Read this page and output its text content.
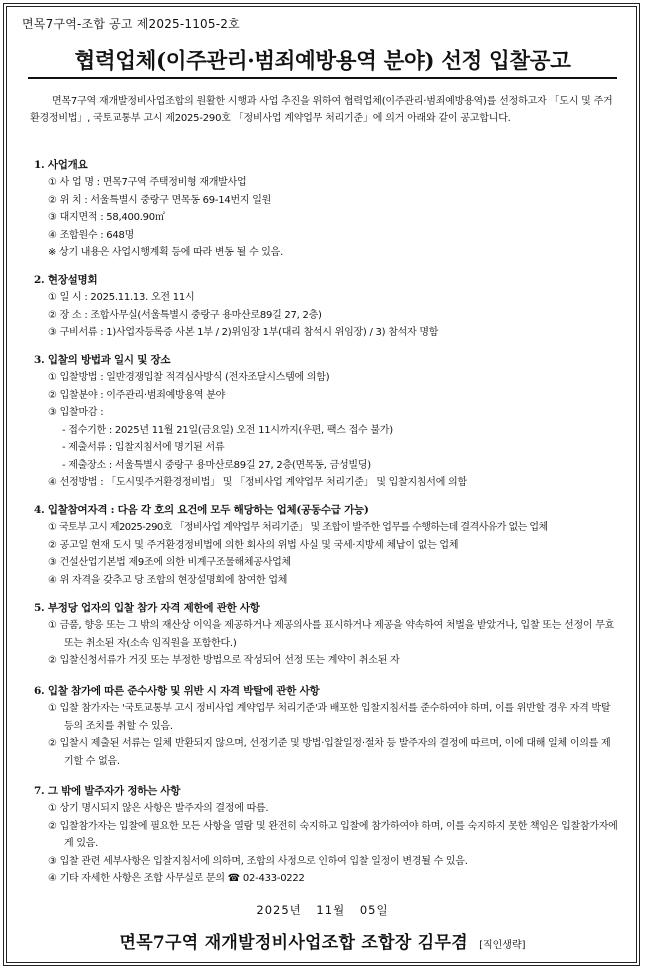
면목7구역-조합 공고 제2025-1105-2호
협력업체(이주관리·범죄예방용역 분야) 선정 입찰공고
면목7구역 재개발정비사업조합의 원활한 시행과 사업 추진을 위하여 협력업체(이주관리·범죄예방용역)를 선정하고자 「도시 및 주거환경정비법」, 국토교통부 고시 제2025-290호 「정비사업 계약업무 처리기준」에 의거 아래와 같이 공고합니다.
1. 사업개요
① 사 업 명 : 면목7구역 주택정비형 재개발사업
② 위 치 : 서울특별시 중랑구 면목동 69-14번지 일원
③ 대지면적 : 58,400.90㎡
④ 조합원수 : 648명
※ 상기 내용은 사업시행계획 등에 따라 변동 될 수 있음.
2. 현장설명회
① 일 시 : 2025.11.13. 오전 11시
② 장 소 : 조합사무실(서울특별시 중랑구 용마산로89길 27, 2층)
③ 구비서류 : 1)사업자등록증 사본 1부 / 2)위임장 1부(대리 참석시 위임장) / 3) 참석자 명함
3. 입찰의 방법과 일시 및 장소
① 입찰방법 : 일반경쟁입찰 적격심사방식 (전자조달시스템에 의함)
② 입찰분야 : 이주관리·범죄예방용역 분야
③ 입찰마감 :
- 접수기한 : 2025년 11월 21일(금요일) 오전 11시까지(우편, 팩스 접수 불가)
- 제출서류 : 입찰지침서에 명기된 서류
- 제출장소 : 서울특별시 중랑구 용마산로89길 27, 2층(면목동, 금성빌딩)
④ 선정방법 : 「도시및주거환경정비법」 및 「정비사업 계약업무 처리기준」 및 입찰지침서에 의함
4. 입찰참여자격 : 다음 각 호의 요건에 모두 해당하는 업체(공동수급 가능)
① 국토부 고시 제2025-290호 「정비사업 계약업무 처리기준」 및 조합이 발주한 업무를 수행하는데 결격사유가 없는 업체
② 공고일 현재 도시 및 주거환경정비법에 의한 회사의 위법 사실 및 국세·지방세 체납이 없는 업체
③ 건설산업기본법 제9조에 의한 비계구조물해체공사업체
④ 위 자격을 갖추고 당 조합의 현장설명회에 참여한 업체
5. 부정당 업자의 입찰 참가 자격 제한에 관한 사항
① 금품, 향응 또는 그 밖의 재산상 이익을 제공하거나 제공의사를 표시하거나 제공을 약속하여 처벌을 받았거나, 입찰 또는 선정이 무효 또는 취소된 자(소속 임직원을 포함한다.)
② 입찰신청서류가 거짓 또는 부정한 방법으로 작성되어 선정 또는 계약이 취소된 자
6. 입찰 참가에 따른 준수사항 및 위반 시 자격 박탈에 관한 사항
① 입찰 참가자는 '국토교통부 고시 정비사업 계약업무 처리기준'과 배포한 입찰지침서를 준수하여야 하며, 이를 위반할 경우 자격 박탈 등의 조치를 취할 수 있음.
② 입찰시 제출된 서류는 일체 반환되지 않으며, 선정기준 및 방법·입찰일정·절차 등 발주자의 결정에 따르며, 이에 대해 일체 이의를 제기할 수 없음.
7. 그 밖에 발주자가 정하는 사항
① 상기 명시되지 않은 사항은 발주자의 결정에 따름.
② 입찰참가자는 입찰에 필요한 모든 사항을 열람 및 완전히 숙지하고 입찰에 참가하여야 하며, 이를 숙지하지 못한 책임은 입찰참가자에게 있음.
③ 입찰 관련 세부사항은 입찰지침서에 의하며, 조합의 사정으로 인하여 입찰 일정이 변경될 수 있음.
④ 기타 자세한 사항은 조합 사무실로 문의 ☎ 02-433-0222
2025년 11월 05일
면목7구역 재개발정비사업조합 조합장 김무겸 [직인생략]
